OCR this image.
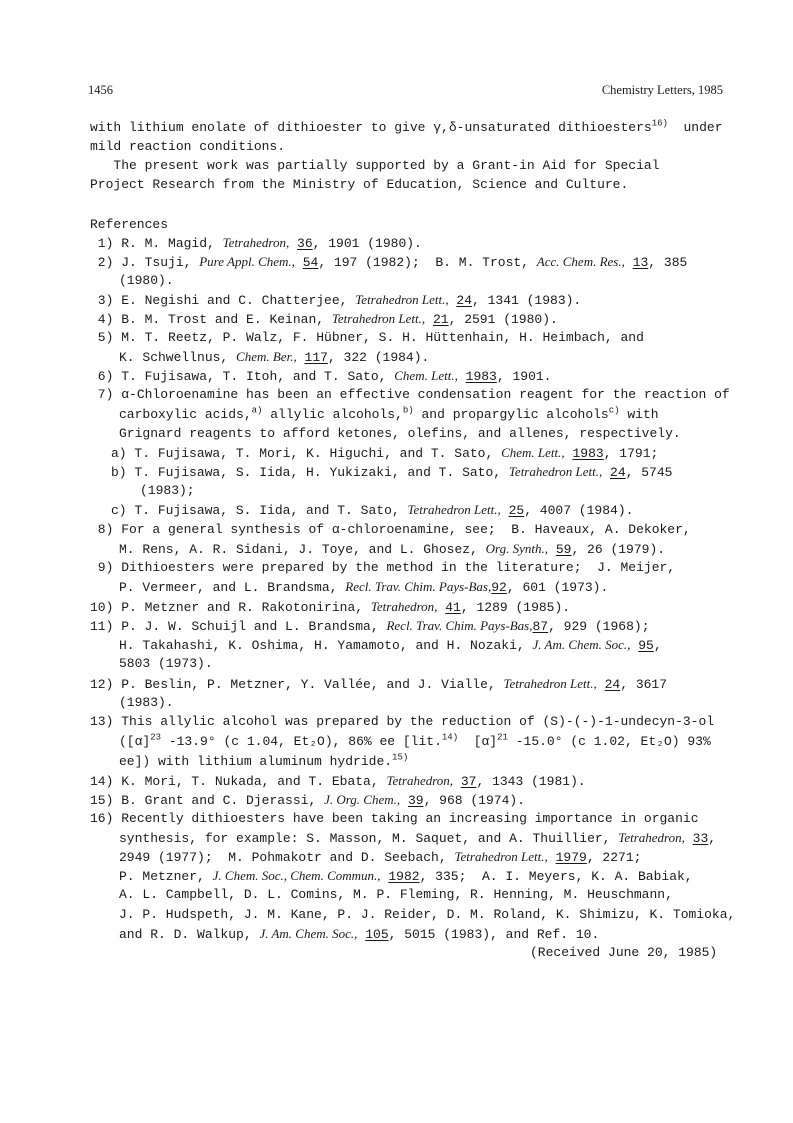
1456	Chemistry Letters, 1985
with lithium enolate of dithioester to give γ,δ-unsaturated dithioesters$^{16)}$  under
mild reaction conditions.
The present work was partially supported by a Grant-in Aid for Special
Project Research from the Ministry of Education, Science and Culture.
References
1) R. M. Magid, Tetrahedron, 36, 1901 (1980).
2) J. Tsuji, Pure Appl. Chem., 54, 197 (1982);  B. M. Trost, Acc. Chem. Res., 13, 385
(1980).
3) E. Negishi and C. Chatterjee, Tetrahedron Lett., 24, 1341 (1983).
4) B. M. Trost and E. Keinan, Tetrahedron Lett., 21, 2591 (1980).
5) M. T. Reetz, P. Walz, F. Hübner, S. H. Hüttenhain, H. Heimbach, and
K. Schwellnus, Chem. Ber., 117, 322 (1984).
6) T. Fujisawa, T. Itoh, and T. Sato, Chem. Lett., 1983, 1901.
7) α-Chloroenamine has been an effective condensation reagent for the reaction of
carboxylic acids,$^{a)}$ allylic alcohols,$^{b)}$ and propargylic alcohols$^{c)}$ with
Grignard reagents to afford ketones, olefins, and allenes, respectively.
a) T. Fujisawa, T. Mori, K. Higuchi, and T. Sato, Chem. Lett., 1983, 1791;
b) T. Fujisawa, S. Iida, H. Yukizaki, and T. Sato, Tetrahedron Lett., 24, 5745
(1983);
c) T. Fujisawa, S. Iida, and T. Sato, Tetrahedron Lett., 25, 4007 (1984).
8) For a general synthesis of α-chloroenamine, see;  B. Haveaux, A. Dekoker,
M. Rens, A. R. Sidani, J. Toye, and L. Ghosez, Org. Synth., 59, 26 (1979).
9) Dithioesters were prepared by the method in the literature;  J. Meijer,
P. Vermeer, and L. Brandsma, Recl. Trav. Chim. Pays-Bas,92, 601 (1973).
10) P. Metzner and R. Rakotonirina, Tetrahedron, 41, 1289 (1985).
11) P. J. W. Schuijl and L. Brandsma, Recl. Trav. Chim. Pays-Bas,87, 929 (1968);
H. Takahashi, K. Oshima, H. Yamamoto, and H. Nozaki, J. Am. Chem. Soc., 95,
5803 (1973).
12) P. Beslin, P. Metzner, Y. Vallée, and J. Vialle, Tetrahedron Lett., 24, 3617
(1983).
13) This allylic alcohol was prepared by the reduction of (S)-(-)-1-undecyn-3-ol
($[\alpha]^{23}$ -13.9° (c 1.04, Et₂O), 86% ee [lit.$^{14)}$  $[\alpha]^{21}$ -15.0° (c 1.02, Et₂O) 93%
ee]) with lithium aluminum hydride.$^{15)}$
14) K. Mori, T. Nukada, and T. Ebata, Tetrahedron, 37, 1343 (1981).
15) B. Grant and C. Djerassi, J. Org. Chem., 39, 968 (1974).
16) Recently dithioesters have been taking an increasing importance in organic
synthesis, for example: S. Masson, M. Saquet, and A. Thuillier, Tetrahedron, 33,
2949 (1977);  M. Pohmakotr and D. Seebach, Tetrahedron Lett., 1979, 2271;
P. Metzner, J. Chem. Soc., Chem. Commun., 1982, 335;  A. I. Meyers, K. A. Babiak,
A. L. Campbell, D. L. Comins, M. P. Fleming, R. Henning, M. Heuschmann,
J. P. Hudspeth, J. M. Kane, P. J. Reider, D. M. Roland, K. Shimizu, K. Tomioka,
and R. D. Walkup, J. Am. Chem. Soc., 105, 5015 (1983), and Ref. 10.
(Received June 20, 1985)
